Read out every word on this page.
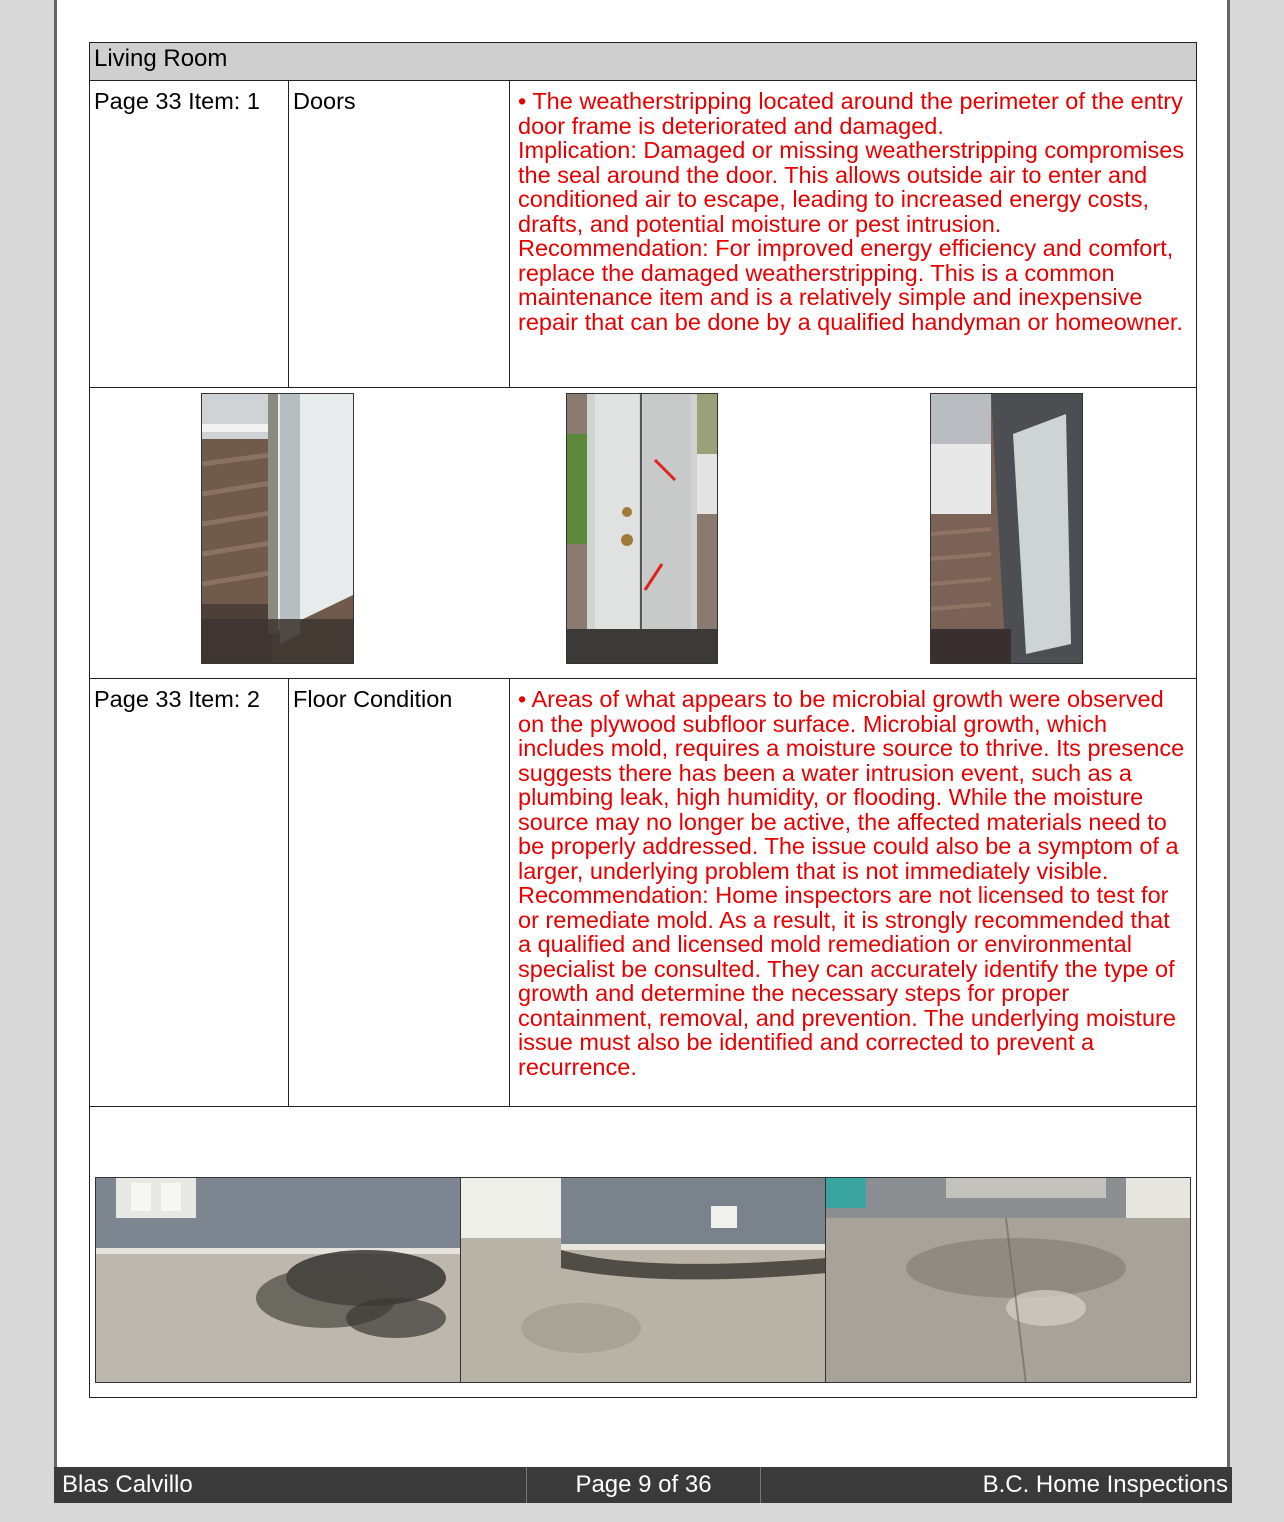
Living Room		
Page 33 Item: 1	Doors	• The weatherstripping located around the perimeter of the entry door frame is deteriorated and damaged.

Implication: Damaged or missing weatherstripping compromises the seal around the door. This allows outside air to enter and conditioned air to escape, leading to increased energy costs, drafts, and potential moisture or pest intrusion.

Recommendation: For improved energy efficiency and comfort, replace the damaged weatherstripping. This is a common maintenance item and is a relatively simple and inexpensive repair that can be done by a qualified handyman or homeowner.

Page 33 Item: 2	Floor Condition	• Areas of what appears to be microbial growth were observed on the plywood subfloor surface. Microbial growth, which includes mold, requires a moisture source to thrive. Its presence suggests there has been a water intrusion event, such as a plumbing leak, high humidity, or flooding. While the moisture source may no longer be active, the affected materials need to be properly addressed. The issue could also be a symptom of a larger, underlying problem that is not immediately visible.

Recommendation: Home inspectors are not licensed to test for or remediate mold. As a result, it is strongly recommended that a qualified and licensed mold remediation or environmental specialist be consulted. They can accurately identify the type of growth and determine the necessary steps for proper containment, removal, and prevention. The underlying moisture issue must also be identified and corrected to prevent a recurrence.

Blas Calvillo	Page 9 of 36	B.C. Home Inspections
